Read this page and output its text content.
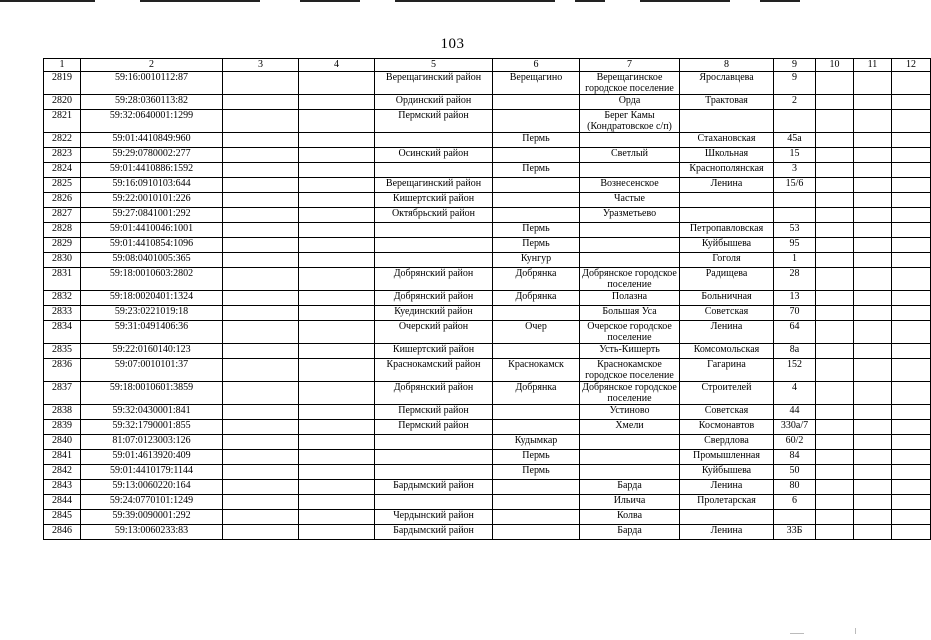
103
1	2	3	4	5	6	7	8	9	10	11	12
2819	59:16:0010112:87			Верещагинский район	Верещагино	Верещагинское городское поселение	Ярославцева	9			
2820	59:28:0360113:82			Ординский район		Орда	Трактовая	2			
2821	59:32:0640001:1299			Пермский район		Берег Камы (Кондратовское с/п)					
2822	59:01:4410849:960				Пермь		Стахановская	45а			
2823	59:29:0780002:277			Осинский район		Светлый	Школьная	15			
2824	59:01:4410886:1592				Пермь		Краснополянская	3			
2825	59:16:0910103:644			Верещагинский район		Вознесенское	Ленина	15/6			
2826	59:22:0010101:226			Кишертский район		Частые					
2827	59:27:0841001:292			Октябрьский район		Уразметьево					
2828	59:01:4410046:1001				Пермь		Петропавловская	53			
2829	59:01:4410854:1096				Пермь		Куйбышева	95			
2830	59:08:0401005:365				Кунгур		Гоголя	1			
2831	59:18:0010603:2802			Добрянский район	Добрянка	Добрянское городское поселение	Радищева	28			
2832	59:18:0020401:1324			Добрянский район	Добрянка	Полазна	Больничная	13			
2833	59:23:0221019:18			Куединский район		Большая Уса	Советская	70			
2834	59:31:0491406:36			Очерский район	Очер	Очерское городское поселение	Ленина	64			
2835	59:22:0160140:123			Кишертский район		Усть-Кишерть	Комсомольская	8а			
2836	59:07:0010101:37			Краснокамский район	Краснокамск	Краснокамское городское поселение	Гагарина	152			
2837	59:18:0010601:3859			Добрянский район	Добрянка	Добрянское городское поселение	Строителей	4			
2838	59:32:0430001:841			Пермский район		Устиново	Советская	44			
2839	59:32:1790001:855			Пермский район		Хмели	Космонавтов	330а/7			
2840	81:07:0123003:126				Кудымкар		Свердлова	60/2			
2841	59:01:4613920:409				Пермь		Промышленная	84			
2842	59:01:4410179:1144				Пермь		Куйбышева	50			
2843	59:13:0060220:164			Бардымский район		Барда	Ленина	80			
2844	59:24:0770101:1249					Ильича	Пролетарская	6			
2845	59:39:0090001:292			Чердынский район		Колва					
2846	59:13:0060233:83			Бардымский район		Барда	Ленина	33Б			
